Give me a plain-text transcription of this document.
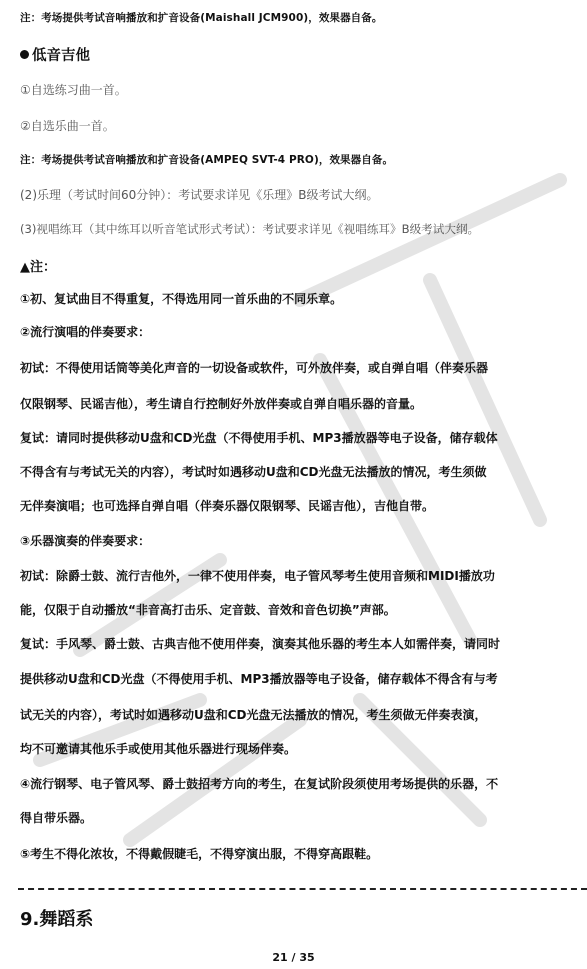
注：考场提供考试音响播放和扩音设备(Maishall JCM900)，效果器自备。
低音吉他
①自选练习曲一首。
②自选乐曲一首。
注：考场提供考试音响播放和扩音设备(AMPEQ SVT-4 PRO)，效果器自备。
(2)乐理（考试时间60分钟）：考试要求详见《乐理》B级考试大纲。
(3)视唱练耳（其中练耳以听音笔试形式考试）：考试要求详见《视唱练耳》B级考试大纲。
▲注：
①初、复试曲目不得重复，不得选用同一首乐曲的不同乐章。
②流行演唱的伴奏要求：
初试：不得使用话筒等美化声音的一切设备或软件，可外放伴奏，或自弹自唱（伴奏乐器
仅限钢琴、民谣吉他），考生请自行控制好外放伴奏或自弹自唱乐器的音量。
复试：请同时提供移动U盘和CD光盘（不得使用手机、MP3播放器等电子设备，储存载体
不得含有与考试无关的内容），考试时如遇移动U盘和CD光盘无法播放的情况，考生须做
无伴奏演唱；也可选择自弹自唱（伴奏乐器仅限钢琴、民谣吉他），吉他自带。
③乐器演奏的伴奏要求：
初试：除爵士鼓、流行吉他外，一律不使用伴奏，电子管风琴考生使用音频和MIDI播放功
能，仅限于自动播放“非音高打击乐、定音鼓、音效和音色切换”声部。
复试：手风琴、爵士鼓、古典吉他不使用伴奏，演奏其他乐器的考生本人如需伴奏，请同时
提供移动U盘和CD光盘（不得使用手机、MP3播放器等电子设备，储存载体不得含有与考
试无关的内容），考试时如遇移动U盘和CD光盘无法播放的情况，考生须做无伴奏表演，
均不可邀请其他乐手或使用其他乐器进行现场伴奏。
④流行钢琴、电子管风琴、爵士鼓招考方向的考生，在复试阶段须使用考场提供的乐器，不
得自带乐器。
⑤考生不得化浓妆，不得戴假睫毛，不得穿演出服，不得穿高跟鞋。
9.舞蹈系
21 / 35
